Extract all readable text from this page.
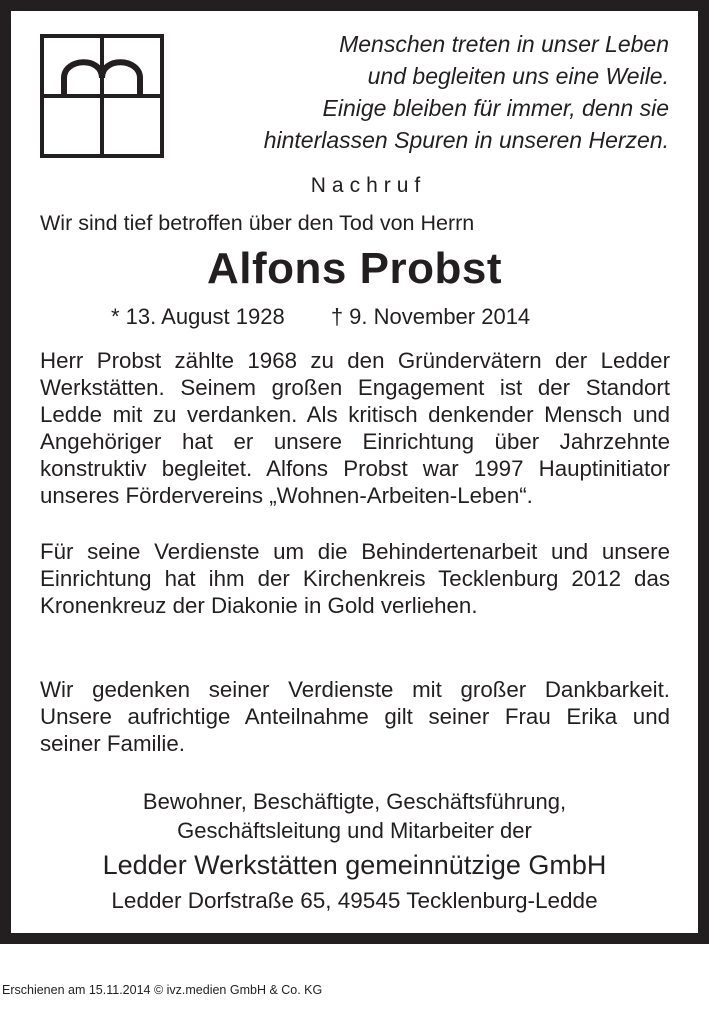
Menschen treten in unser Leben
und begleiten uns eine Weile.
Einige bleiben für immer, denn sie
hinterlassen Spuren in unseren Herzen.
Nachruf
Wir sind tief betroffen über den Tod von Herrn
Alfons Probst
* 13. August 1928 † 9. November 2014
Herr Probst zählte 1968 zu den Gründervätern der Ledder Werkstätten. Seinem großen Engagement ist der Standort Ledde mit zu verdanken. Als kritisch denkender Mensch und Angehöriger hat er unsere Einrichtung über Jahrzehnte konstruktiv begleitet. Alfons Probst war 1997 Hauptinitiator unseres Fördervereins „Wohnen-Arbeiten-Leben“.
Für seine Verdienste um die Behindertenarbeit und unsere Einrichtung hat ihm der Kirchenkreis Tecklenburg 2012 das Kronenkreuz der Diakonie in Gold verliehen.
Wir gedenken seiner Verdienste mit großer Dankbarkeit. Unsere aufrichtige Anteilnahme gilt seiner Frau Erika und seiner Familie.
Bewohner, Beschäftigte, Geschäftsführung,
Geschäftsleitung und Mitarbeiter der
Ledder Werkstätten gemeinnützige GmbH
Ledder Dorfstraße 65, 49545 Tecklenburg-Ledde
Erschienen am 15.11.2014 © ivz.medien GmbH & Co. KG
